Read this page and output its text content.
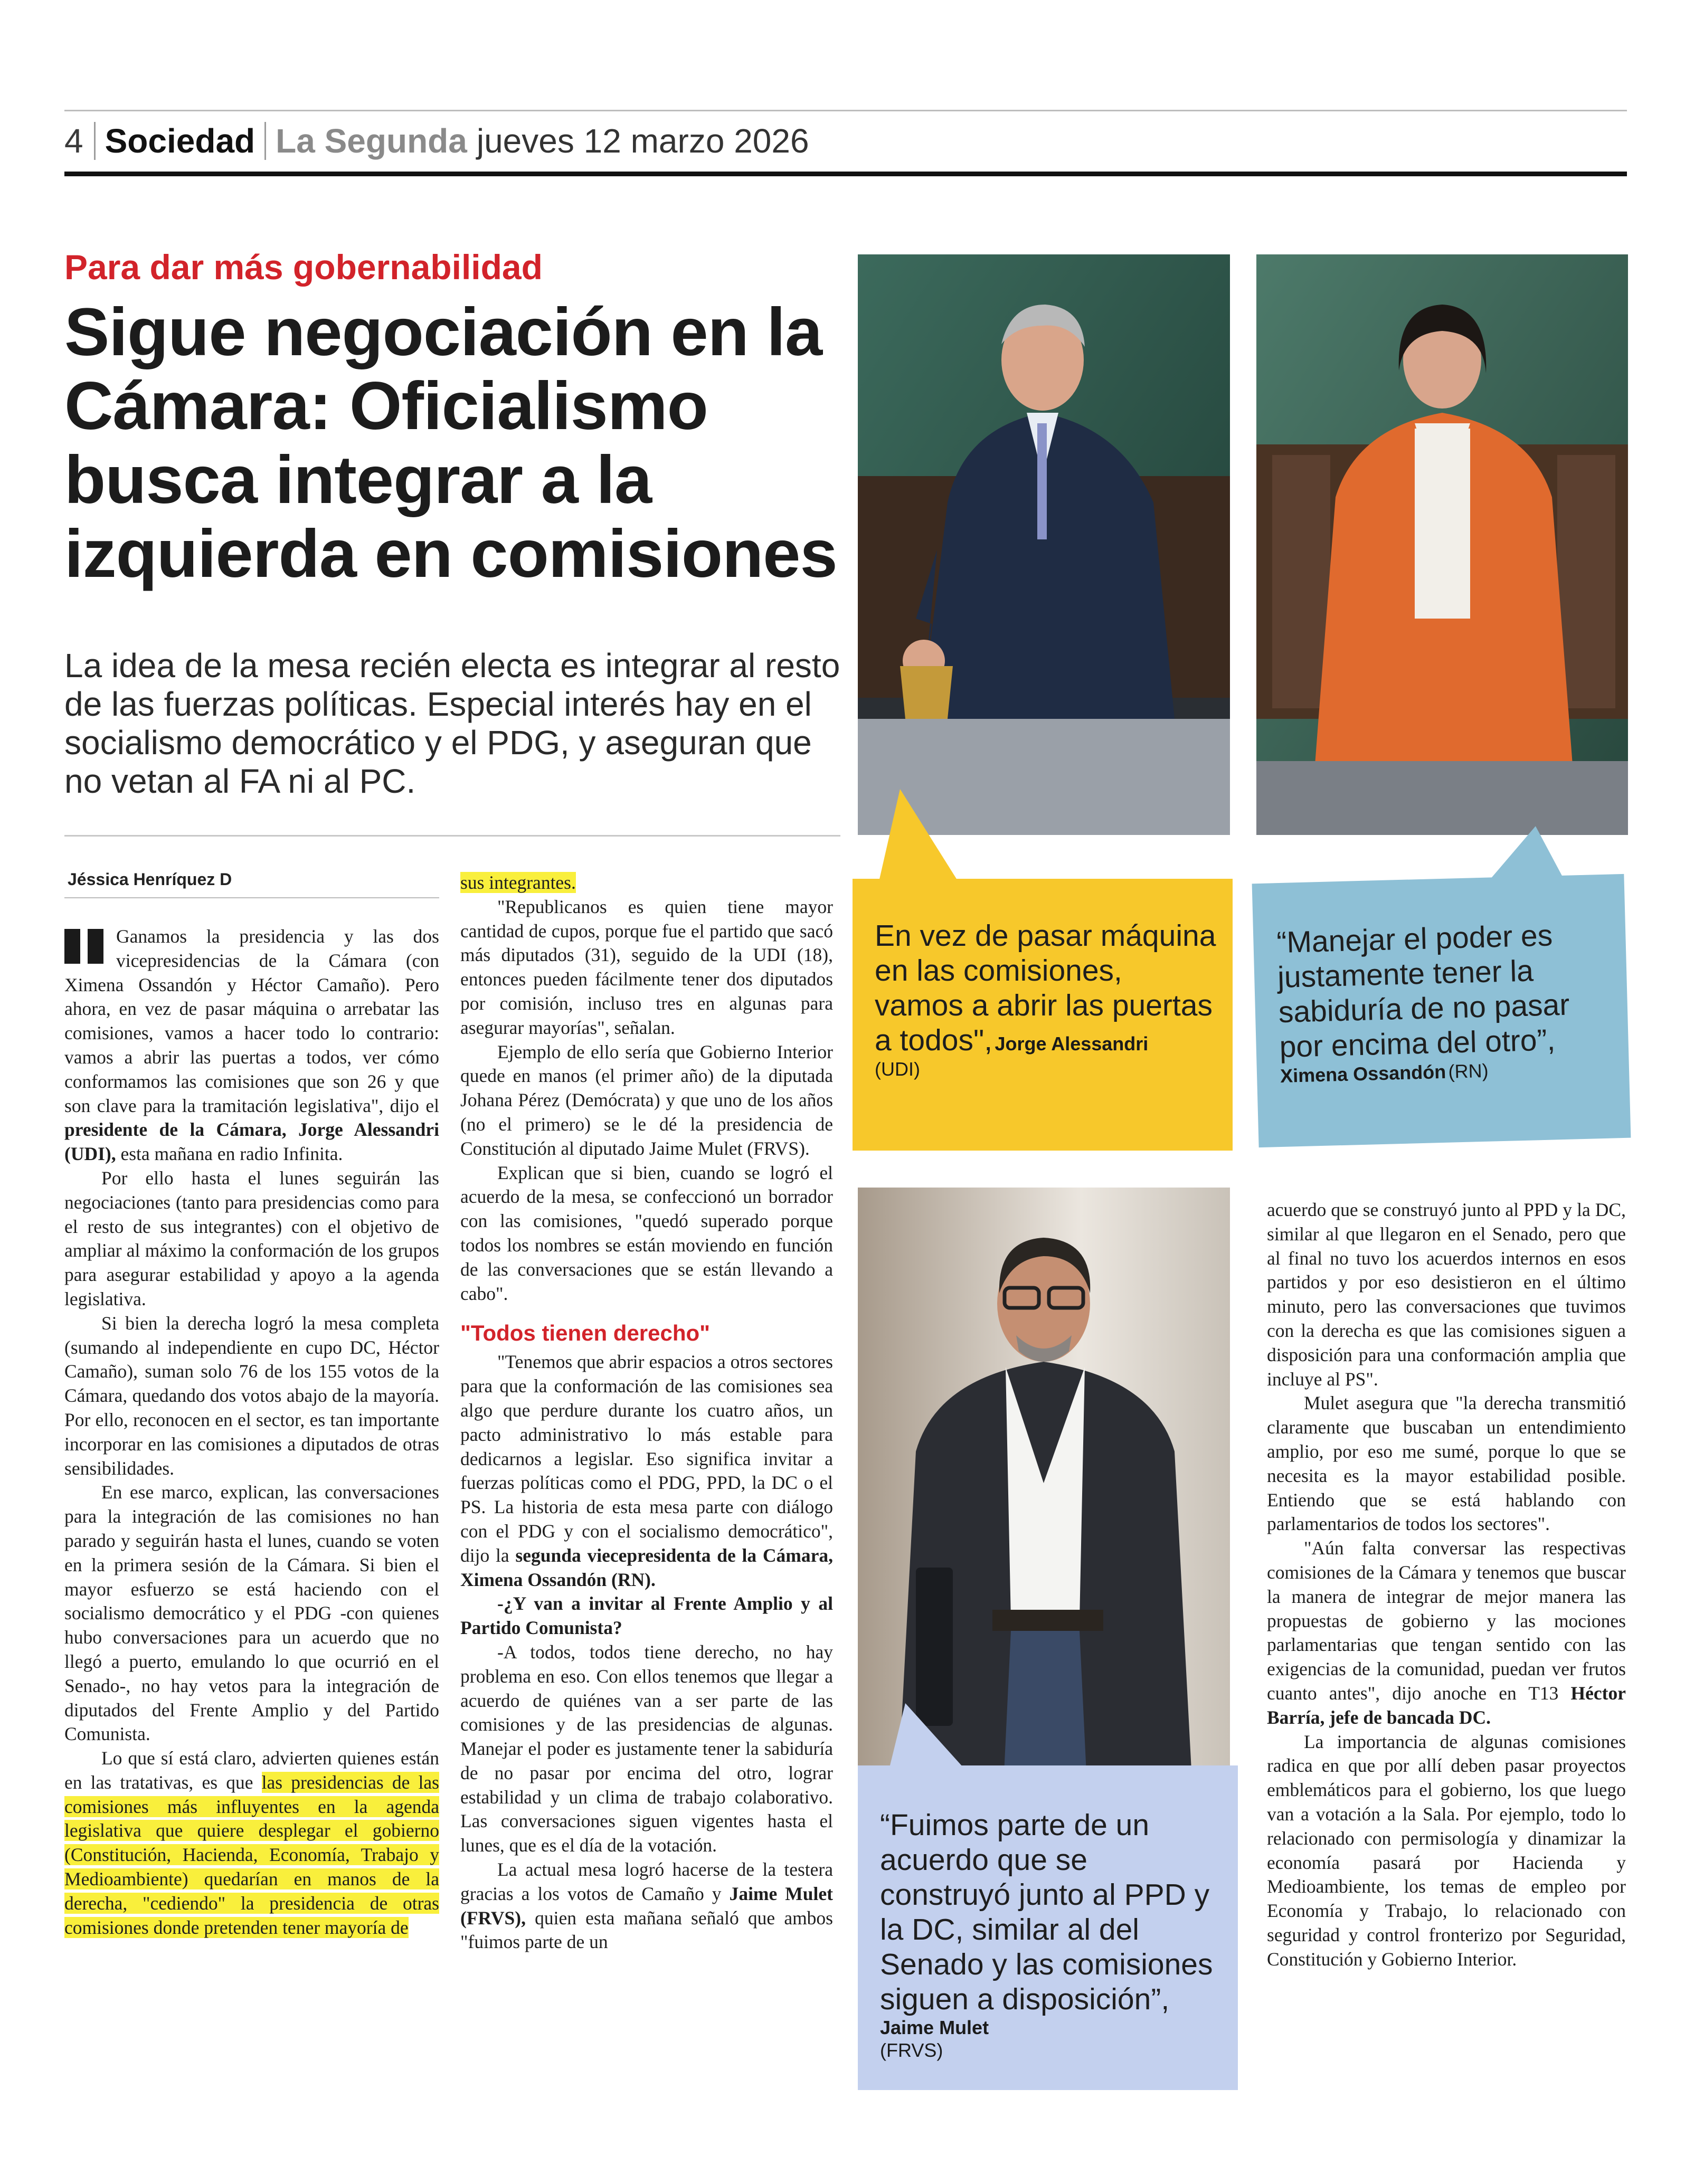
4 Sociedad La Segunda jueves 12 marzo 2026
Para dar más gobernabilidad
Sigue negociación en la Cámara: Oficialismo busca integrar a la izquierda en comisiones

La idea de la mesa recién electa es integrar al resto de las fuerzas políticas. Especial interés hay en el socialismo democrático y el PDG, y aseguran que no vetan al FA ni al PC.

Jéssica Henríquez D

Ganamos la presidencia y las dos vicepresidencias de la Cámara (con Ximena Ossandón y Héctor Camaño). Pero ahora, en vez de pasar máquina o arrebatar las comisiones, vamos a hacer todo lo contrario: vamos a abrir las puertas a todos, ver cómo conformamos las comisiones que son 26 y que son clave para la tramitación legislativa", dijo el presidente de la Cámara, Jorge Alessandri (UDI), esta mañana en radio Infinita.

Por ello hasta el lunes seguirán las negociaciones (tanto para presidencias como para el resto de sus integrantes) con el objetivo de ampliar al máximo la conformación de los grupos para asegurar estabilidad y apoyo a la agenda legislativa.

Si bien la derecha logró la mesa completa (sumando al independiente en cupo DC, Héctor Camaño), suman solo 76 de los 155 votos de la Cámara, quedando dos votos abajo de la mayoría. Por ello, reconocen en el sector, es tan importante incorporar en las comisiones a diputados de otras sensibilidades.

En ese marco, explican, las conversaciones para la integración de las comisiones no han parado y seguirán hasta el lunes, cuando se voten en la primera sesión de la Cámara. Si bien el mayor esfuerzo se está haciendo con el socialismo democrático y el PDG -con quienes hubo conversaciones para un acuerdo que no llegó a puerto, emulando lo que ocurrió en el Senado-, no hay vetos para la integración de diputados del Frente Amplio y del Partido Comunista.

Lo que sí está claro, advierten quienes están en las tratativas, es que las presidencias de las comisiones más influyentes en la agenda legislativa que quiere desplegar el gobierno (Constitución, Hacienda, Economía, Trabajo y Medioambiente) quedarían en manos de la derecha, "cediendo" la presidencia de otras comisiones donde pretenden tener mayoría de

sus integrantes.

"Republicanos es quien tiene mayor cantidad de cupos, porque fue el partido que sacó más diputados (31), seguido de la UDI (18), entonces pueden fácilmente tener dos diputados por comisión, incluso tres en algunas para asegurar mayorías", señalan.

Ejemplo de ello sería que Gobierno Interior quede en manos (el primer año) de la diputada Johana Pérez (Demócrata) y que uno de los años (no el primero) se le dé la presidencia de Constitución al diputado Jaime Mulet (FRVS).

Explican que si bien, cuando se logró el acuerdo de la mesa, se confeccionó un borrador con las comisiones, "quedó superado porque todos los nombres se están moviendo en función de las conversaciones que se están llevando a cabo".

"Todos tienen derecho"

"Tenemos que abrir espacios a otros sectores para que la conformación de las comisiones sea algo que perdure durante los cuatro años, un pacto administrativo lo más estable para dedicarnos a legislar. Eso significa invitar a fuerzas políticas como el PDG, PPD, la DC o el PS. La historia de esta mesa parte con diálogo con el PDG y con el socialismo democrático", dijo la segunda viecepresidenta de la Cámara, Ximena Ossandón (RN).

-¿Y van a invitar al Frente Amplio y al Partido Comunista?

-A todos, todos tiene derecho, no hay problema en eso. Con ellos tenemos que llegar a acuerdo de quiénes van a ser parte de las comisiones y de las presidencias de algunas. Manejar el poder es justamente tener la sabiduría de no pasar por encima del otro, lograr estabilidad y un clima de trabajo colaborativo. Las conversaciones siguen vigentes hasta el lunes, que es el día de la votación.

La actual mesa logró hacerse de la testera gracias a los votos de Camaño y Jaime Mulet (FRVS), quien esta mañana señaló que ambos "fuimos parte de un

acuerdo que se construyó junto al PPD y la DC, similar al que llegaron en el Senado, pero que al final no tuvo los acuerdos internos en esos partidos y por eso desistieron en el último minuto, pero las conversaciones que tuvimos con la derecha es que las comisiones siguen a disposición para una conformación amplia que incluye al PS".

Mulet asegura que "la derecha transmitió claramente que buscaban un entendimiento amplio, por eso me sumé, porque lo que se necesita es la mayor estabilidad posible. Entiendo que se está hablando con parlamentarios de todos los sectores".

"Aún falta conversar las respectivas comisiones de la Cámara y tenemos que buscar la manera de integrar de mejor manera las propuestas de gobierno y las mociones parlamentarias que tengan sentido con las exigencias de la comunidad, puedan ver frutos cuanto antes", dijo anoche en T13 Héctor Barría, jefe de bancada DC.

La importancia de algunas comisiones radica en que por allí deben pasar proyectos emblemáticos para el gobierno, los que luego van a votación a la Sala. Por ejemplo, todo lo relacionado con permisología y dinamizar la economía pasará por Hacienda y Medioambiente, los temas de empleo por Economía y Trabajo, lo relacionado con seguridad y control fronterizo por Seguridad, Constitución y Gobierno Interior.

En vez de pasar máquina en las comisiones, vamos a abrir las puertas a todos", Jorge Alessandri
(UDI)
“Manejar el poder es justamente tener la sabiduría de no pasar por encima del otro”,
Ximena Ossandón (RN)
“Fuimos parte de un acuerdo que se construyó junto al PPD y la DC, similar al del Senado y las comisiones siguen a disposición”, Jaime Mulet
(FRVS)
